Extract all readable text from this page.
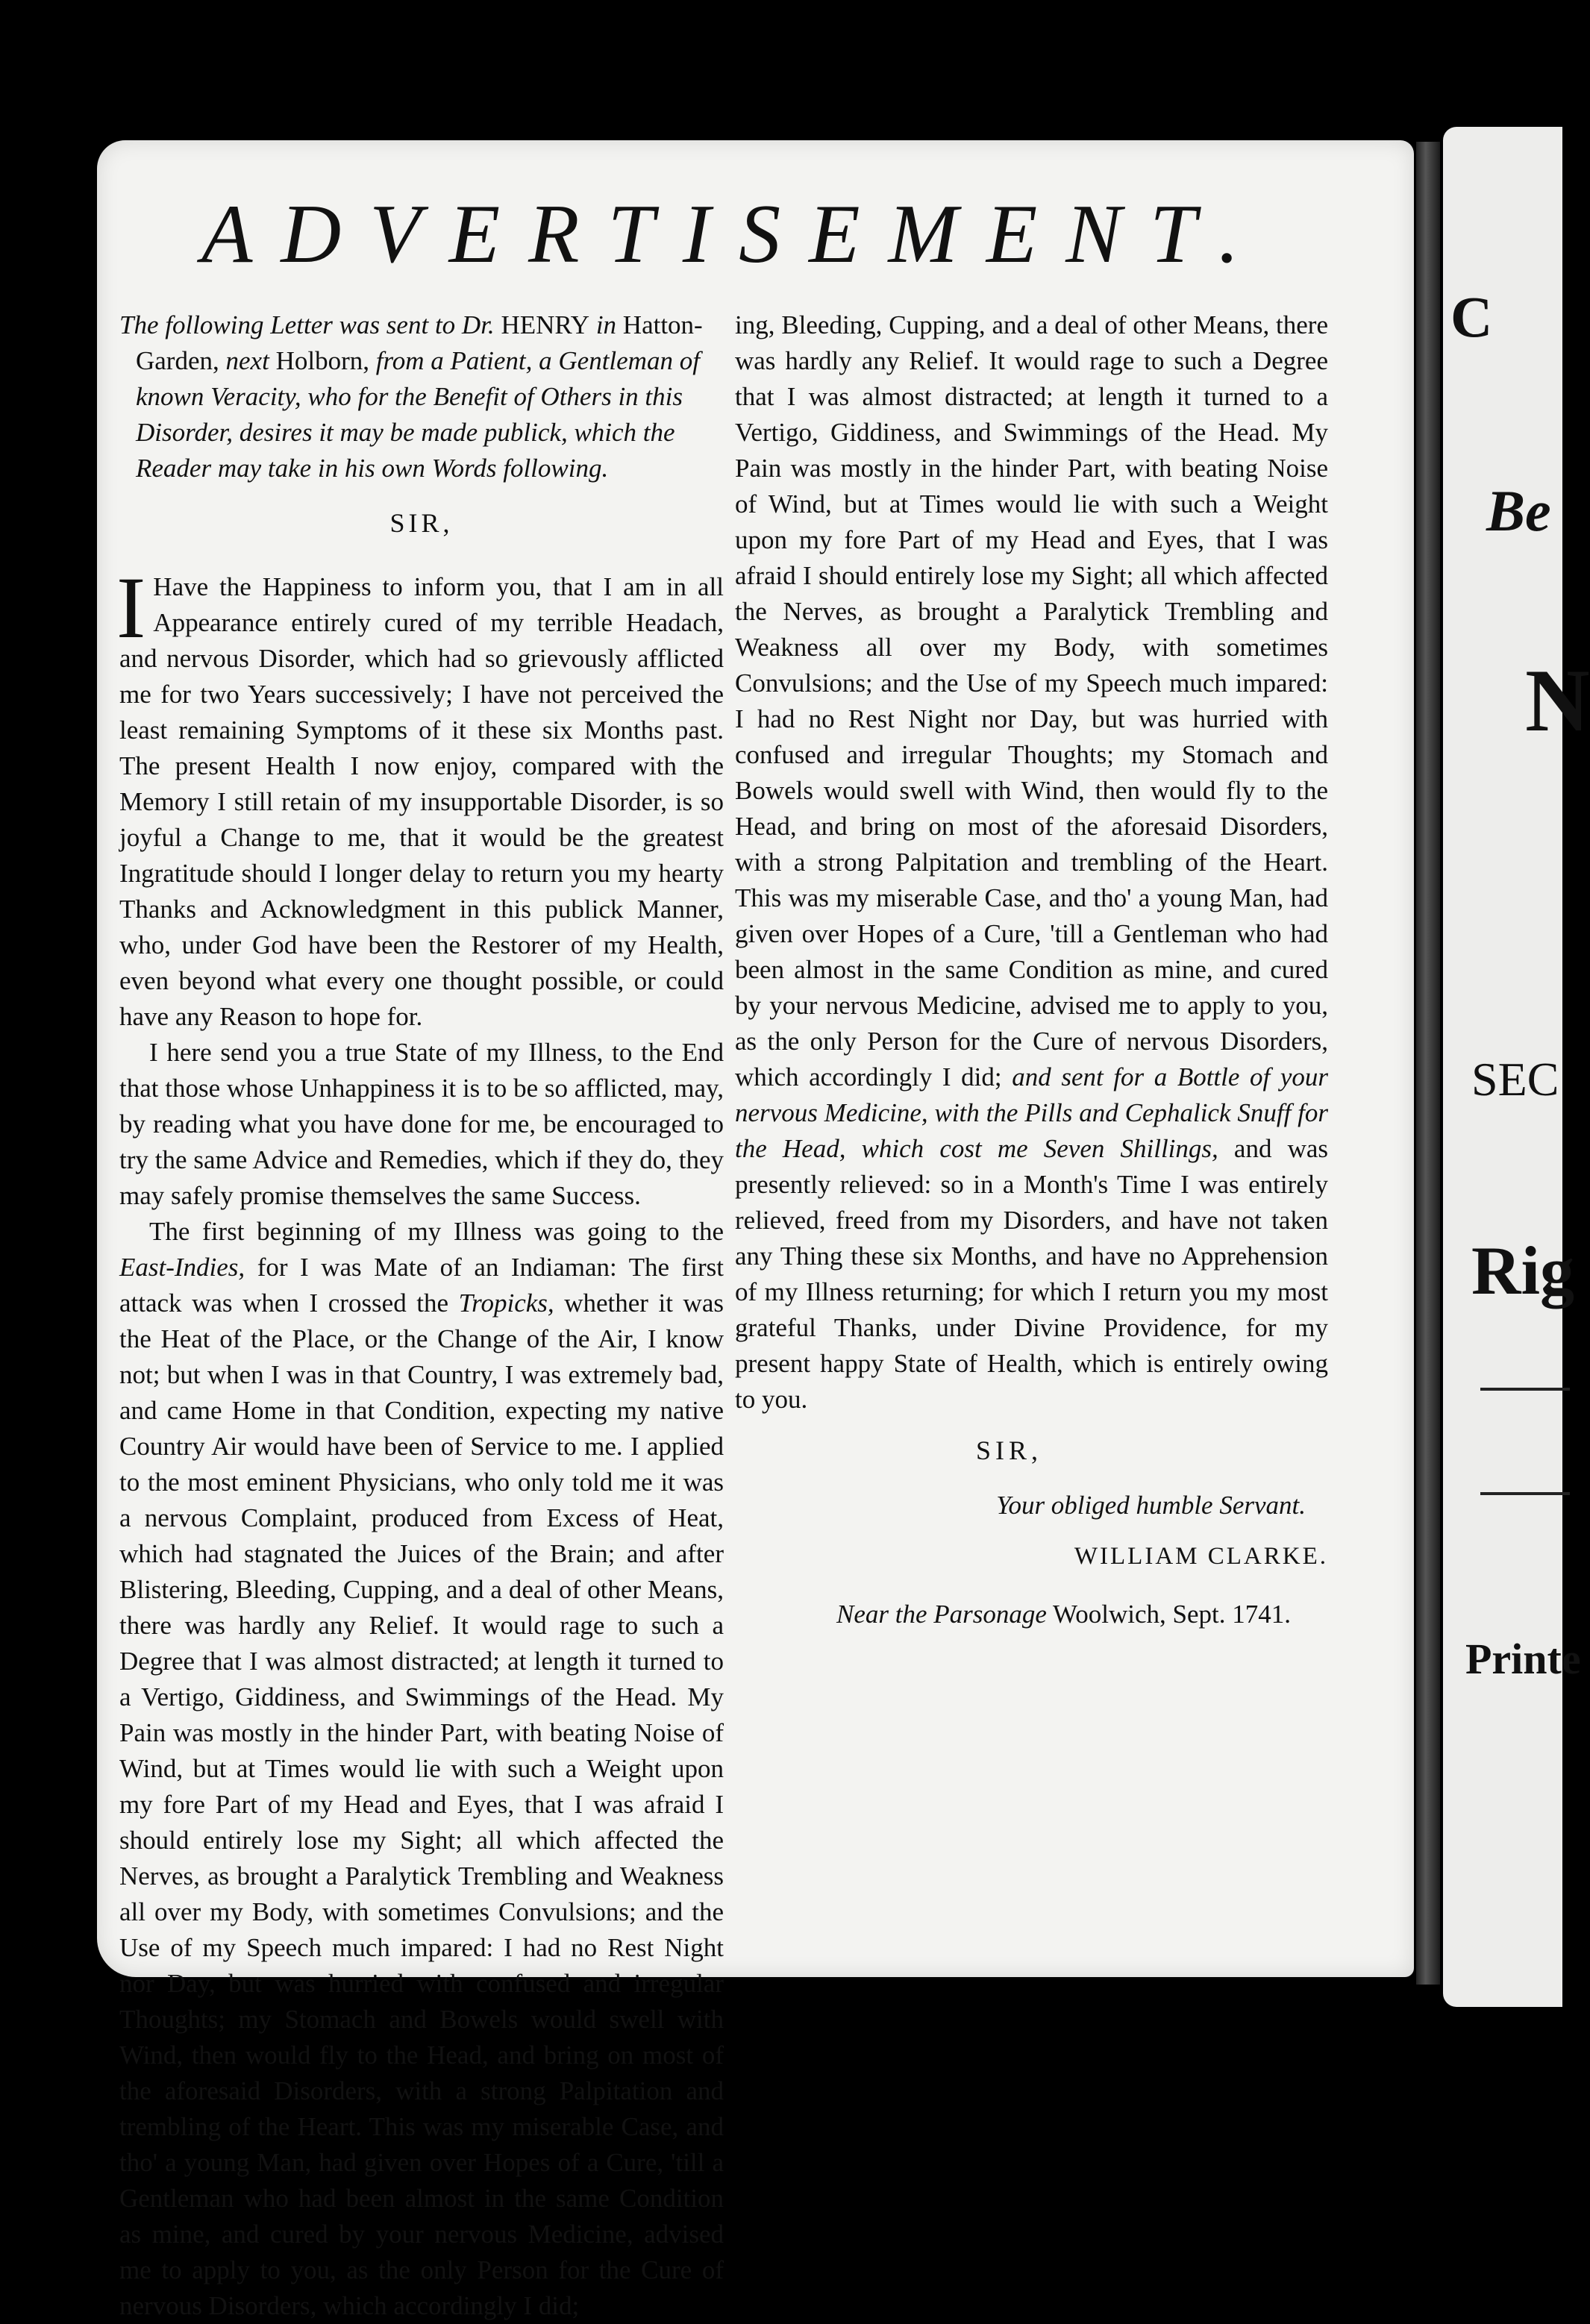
C
Be
N
SEC
Rig
Printe
ADVERTISEMENT.
The following Letter was sent to Dr. HENRY in Hatton-Garden, next Holborn, from a Patient, a Gentleman of known Veracity, who for the Benefit of Others in this Disorder, desires it may be made publick, which the Reader may take in his own Words following.
SIR,

IHave the Happiness to inform you, that I am in all Appearance entirely cured of my terrible Headach, and nervous Disorder, which had so grievously afflicted me for two Years successively; I have not perceived the least remaining Symptoms of it these six Months past. The present Health I now enjoy, compared with the Memory I still retain of my insupportable Disorder, is so joyful a Change to me, that it would be the greatest Ingratitude should I longer delay to return you my hearty Thanks and Acknowledgment in this publick Manner, who, under God have been the Restorer of my Health, even beyond what every one thought possible, or could have any Reason to hope for.

I here send you a true State of my Illness, to the End that those whose Unhappiness it is to be so afflicted, may, by reading what you have done for me, be encouraged to try the same Advice and Remedies, which if they do, they may safely promise themselves the same Success.

The first beginning of my Illness was going to the East-Indies, for I was Mate of an Indiaman: The first attack was when I crossed the Tropicks, whether it was the Heat of the Place, or the Change of the Air, I know not; but when I was in that Country, I was extremely bad, and came Home in that Condition, expecting my native Country Air would have been of Service to me. I applied to the most eminent Physicians, who only told me it was a nervous Complaint, produced from Excess of Heat, which had stagnated the Juices of the Brain; and after Blistering, Bleeding, Cupping, and a deal of other Means, there was hardly any Relief. It would rage to such a Degree that I was almost distracted; at length it turned to a Vertigo, Giddiness, and Swimmings of the Head. My Pain was mostly in the hinder Part, with beating Noise of Wind, but at Times would lie with such a Weight upon my fore Part of my Head and Eyes, that I was afraid I should entirely lose my Sight; all which affected the Nerves, as brought a Paralytick Trembling and Weakness all over my Body, with sometimes Convulsions; and the Use of my Speech much impared: I had no Rest Night nor Day, but was hurried with confused and irregular Thoughts; my Stomach and Bowels would swell with Wind, then would fly to the Head, and bring on most of the aforesaid Disorders, with a strong Palpitation and trembling of the Heart. This was my miserable Case, and tho' a young Man, had given over Hopes of a Cure, 'till a Gentleman who had been almost in the same Condition as mine, and cured by your nervous Medicine, advised me to apply to you, as the only Person for the Cure of nervous Disorders, which accordingly I did;

ing, Bleeding, Cupping, and a deal of other Means, there was hardly any Relief. It would rage to such a Degree that I was almost distracted; at length it turned to a Vertigo, Giddiness, and Swimmings of the Head. My Pain was mostly in the hinder Part, with beating Noise of Wind, but at Times would lie with such a Weight upon my fore Part of my Head and Eyes, that I was afraid I should entirely lose my Sight; all which affected the Nerves, as brought a Paralytick Trembling and Weakness all over my Body, with sometimes Convulsions; and the Use of my Speech much impared: I had no Rest Night nor Day, but was hurried with confused and irregular Thoughts; my Stomach and Bowels would swell with Wind, then would fly to the Head, and bring on most of the aforesaid Disorders, with a strong Palpitation and trembling of the Heart. This was my miserable Case, and tho' a young Man, had given over Hopes of a Cure, 'till a Gentleman who had been almost in the same Condition as mine, and cured by your nervous Medicine, advised me to apply to you, as the only Person for the Cure of nervous Disorders, which accordingly I did; and sent for a Bottle of your nervous Medicine, with the Pills and Cephalick Snuff for the Head, which cost me Seven Shillings, and was presently relieved: so in a Month's Time I was entirely relieved, freed from my Disorders, and have not taken any Thing these six Months, and have no Apprehension of my Illness returning; for which I return you my most grateful Thanks, under Divine Providence, for my present happy State of Health, which is entirely owing to you.

SIR,
Your obliged humble Servant.
WILLIAM CLARKE.
Near the Parsonage Woolwich, Sept. 1741.
